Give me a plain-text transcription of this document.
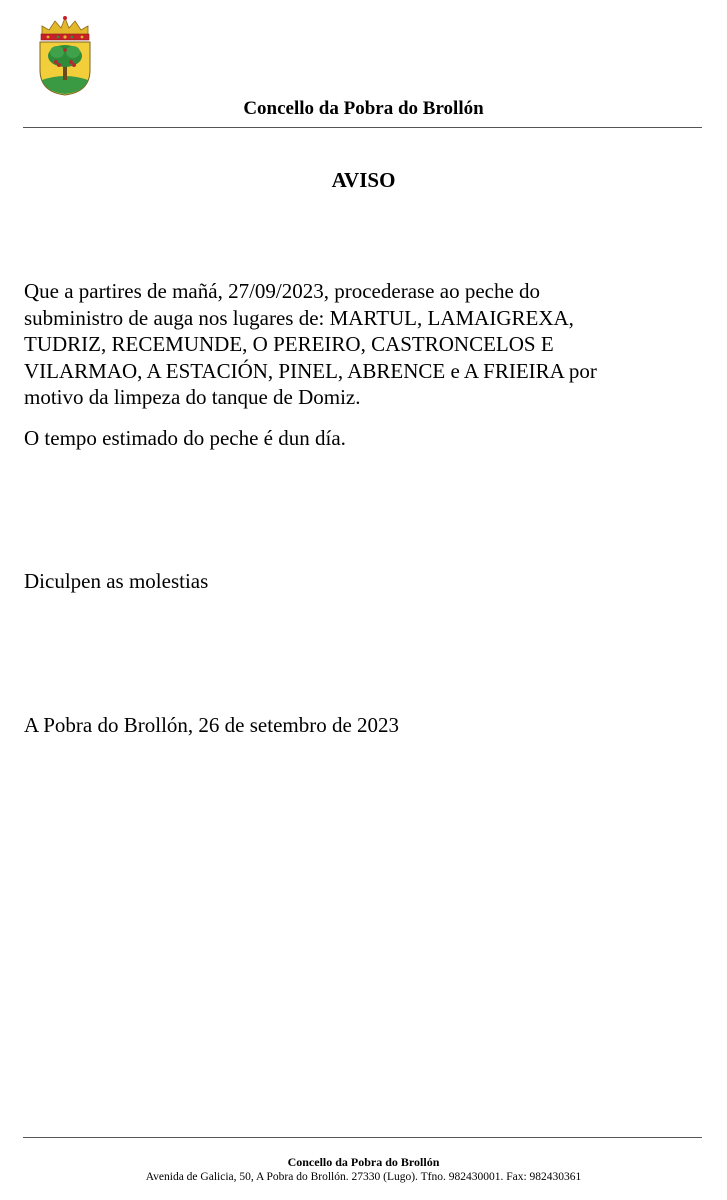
Concello da Pobra do Brollón
AVISO
Que a partires de mañá, 27/09/2023, procederase ao peche do
subministro de auga nos lugares de: MARTUL, LAMAIGREXA,
TUDRIZ, RECEMUNDE, O PEREIRO, CASTRONCELOS E
VILARMAO, A ESTACIÓN, PINEL, ABRENCE e A FRIEIRA por
motivo da limpeza do tanque de Domiz.
O tempo estimado do peche é dun día.
Diculpen as molestias
A Pobra do Brollón, 26 de setembro de 2023
Concello da Pobra do Brollón
Avenida de Galicia, 50, A Pobra do Brollón. 27330 (Lugo). Tfno. 982430001. Fax: 982430361
